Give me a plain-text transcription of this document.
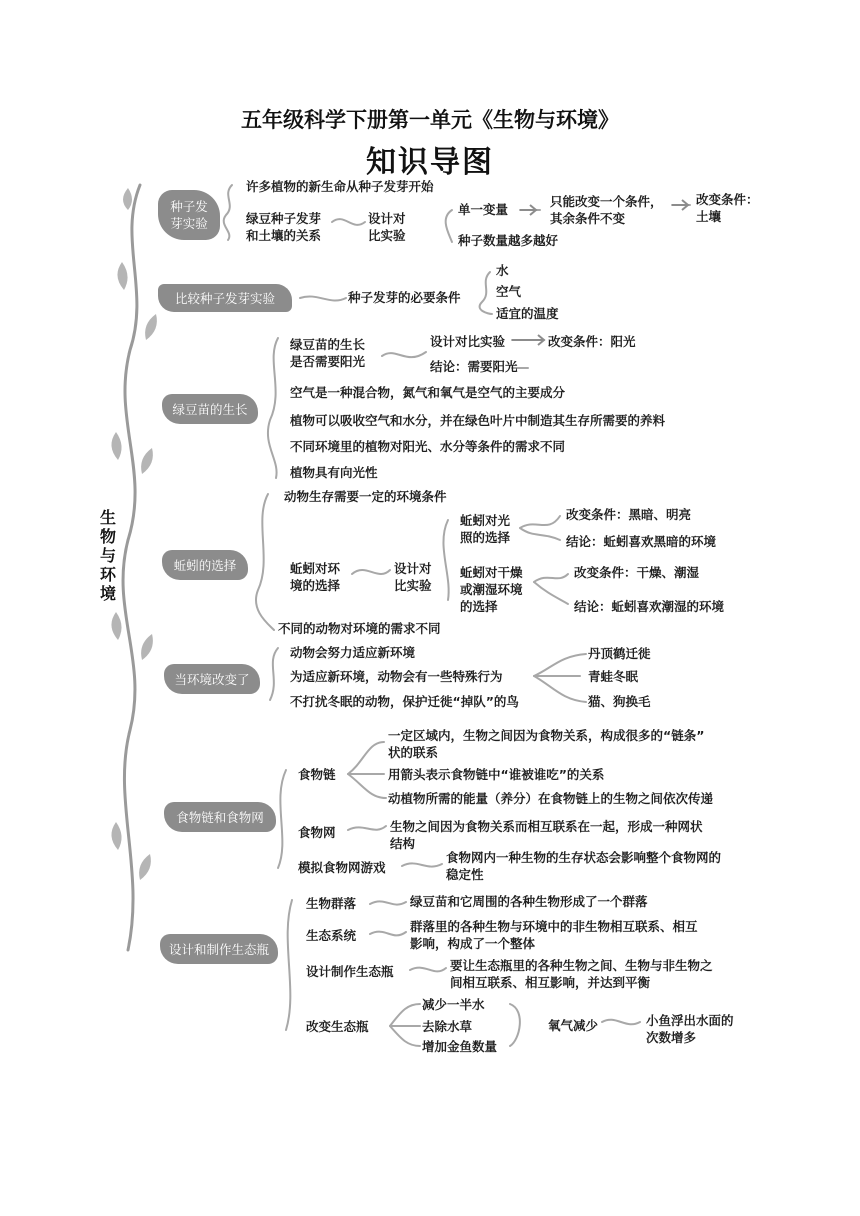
五年级科学下册第一单元《生物与环境》
知识导图
生物与环境
种子发
芽实验
许多植物的新生命从种子发芽开始
绿豆种子发芽
和土壤的关系
设计对
比实验
单一变量
只能改变一个条件，
其余条件不变
改变条件：
土壤
种子数量越多越好
比较种子发芽实验	种子发芽的必要条件
水
空气
适宜的温度
绿豆苗的生长
绿豆苗的生长
是否需要阳光
设计对比实验	改变条件：阳光
结论：需要阳光
空气是一种混合物，氮气和氧气是空气的主要成分
植物可以吸收空气和水分，并在绿色叶片中制造其生存所需要的养料
不同环境里的植物对阳光、水分等条件的需求不同
植物具有向光性
蚯蚓的选择
动物生存需要一定的环境条件
蚯蚓对环
境的选择
设计对
比实验
蚯蚓对光
照的选择
改变条件：黑暗、明亮
结论：蚯蚓喜欢黑暗的环境
蚯蚓对干燥
或潮湿环境
的选择
改变条件：干燥、潮湿
结论：蚯蚓喜欢潮湿的环境
不同的动物对环境的需求不同
当环境改变了
动物会努力适应新环境
为适应新环境，动物会有一些特殊行为
不打扰冬眠的动物，保护迁徙“掉队”的鸟
丹顶鹤迁徙
青蛙冬眠
猫、狗换毛
食物链和食物网
食物链
一定区域内，生物之间因为食物关系，构成很多的“链条”
状的联系
用箭头表示食物链中“谁被谁吃”的关系
动植物所需的能量（养分）在食物链上的生物之间依次传递
食物网	生物之间因为食物关系而相互联系在一起，形成一种网状
结构
模拟食物网游戏
食物网内一种生物的生存状态会影响整个食物网的
稳定性
设计和制作生态瓶
生物群落	绿豆苗和它周围的各种生物形成了一个群落
生态系统
群落里的各种生物与环境中的非生物相互联系、相互
影响，构成了一个整体
设计制作生态瓶	要让生态瓶里的各种生物之间、生物与非生物之
间相互联系、相互影响，并达到平衡
改变生态瓶
减少一半水
去除水草
增加金鱼数量
氧气减少	小鱼浮出水面的
次数增多
